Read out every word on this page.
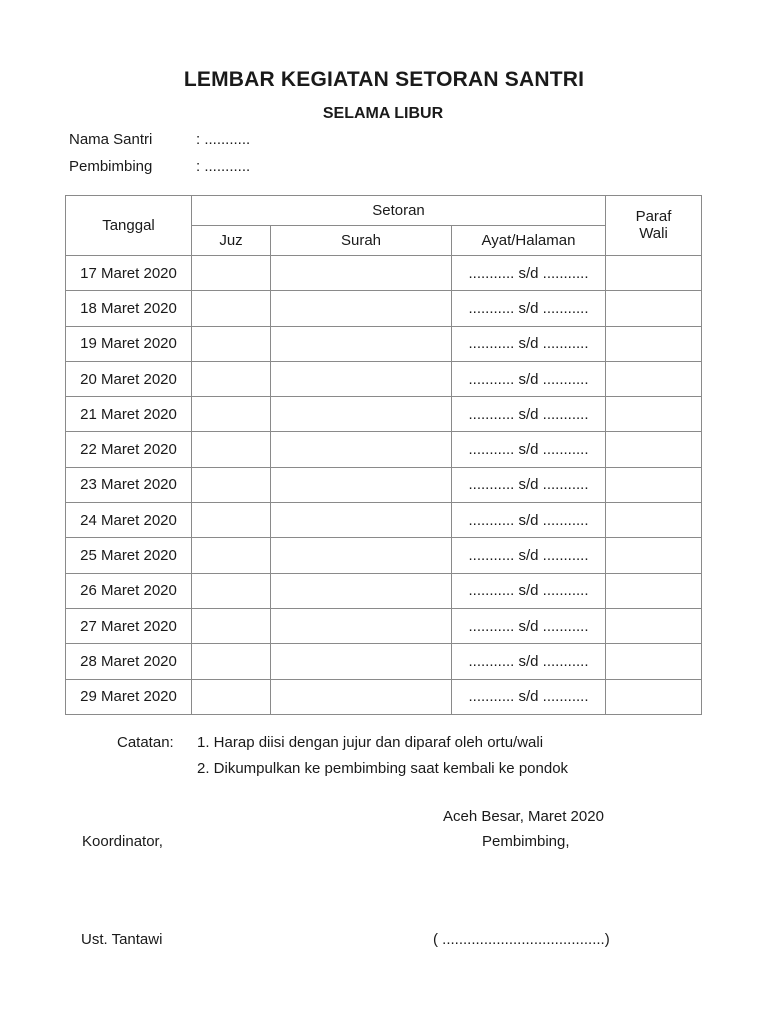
LEMBAR KEGIATAN SETORAN SANTRI
SELAMA LIBUR
Nama Santri	: ...........
Pembimbing	: ...........
Tanggal	Setoran			Paraf
Wali

	Juz	Surah	Ayat/Halaman	
17 Maret 2020			........... s/d ...........	
18 Maret 2020			........... s/d ...........	
19 Maret 2020			........... s/d ...........	
20 Maret 2020			........... s/d ...........	
21 Maret 2020			........... s/d ...........	
22 Maret 2020			........... s/d ...........	
23 Maret 2020			........... s/d ...........	
24 Maret 2020			........... s/d ...........	
25 Maret 2020			........... s/d ...........	
26 Maret 2020			........... s/d ...........	
27 Maret 2020			........... s/d ...........	
28 Maret 2020			........... s/d ...........	
29 Maret 2020			........... s/d ...........	
Catatan: 1. Harap diisi dengan jujur dan diparaf oleh ortu/wali
2. Dikumpulkan ke pembimbing saat kembali ke pondok
Aceh Besar, Maret 2020
Koordinator,	Pembimbing,
Ust. Tantawi	( .......................................)
